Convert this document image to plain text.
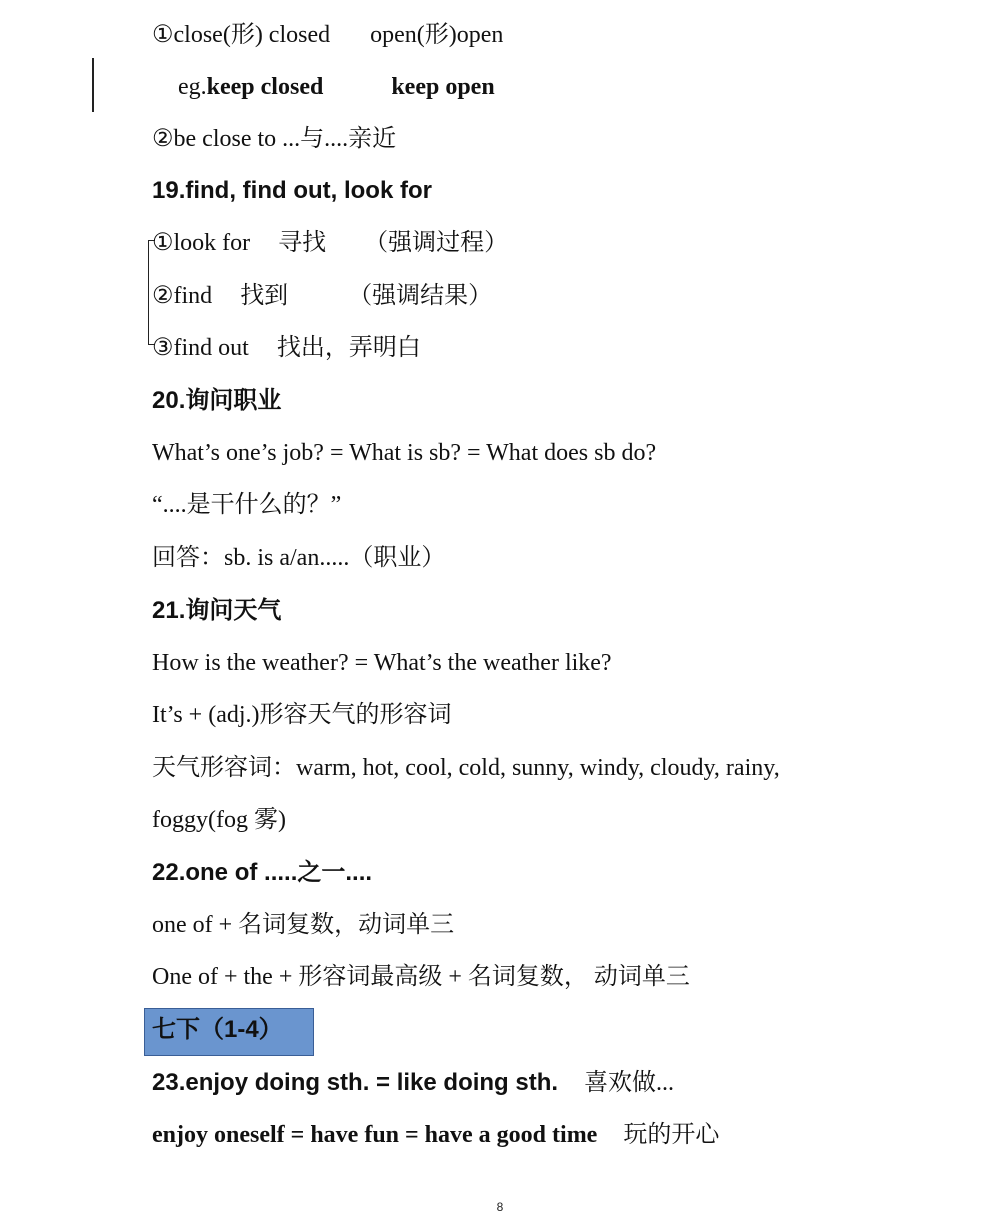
①close(形) closed open(形)open
eg.keep closed	keep open
②be close to ...与....亲近
19.find, find out, look for
①look for 寻找 （强调过程）
②find 找到	（强调结果）
③find out 找出，弄明白
20.询问职业
What’s one’s job? = What is sb? = What does sb do?
“....是干什么的？”
回答：sb. is a/an.....（职业）
21.询问天气
How is the weather? = What’s the weather like?
It’s + (adj.)形容天气的形容词
天气形容词：warm, hot, cool, cold, sunny, windy, cloudy, rainy,
foggy(fog 雾)
22.one of .....之一....
one of + 名词复数，动词单三
One of + the + 形容词最高级 + 名词复数， 动词单三
七下（1-4）
23.enjoy doing sth. = like doing sth. 喜欢做...
enjoy oneself = have fun = have a good time 玩的开心
8
